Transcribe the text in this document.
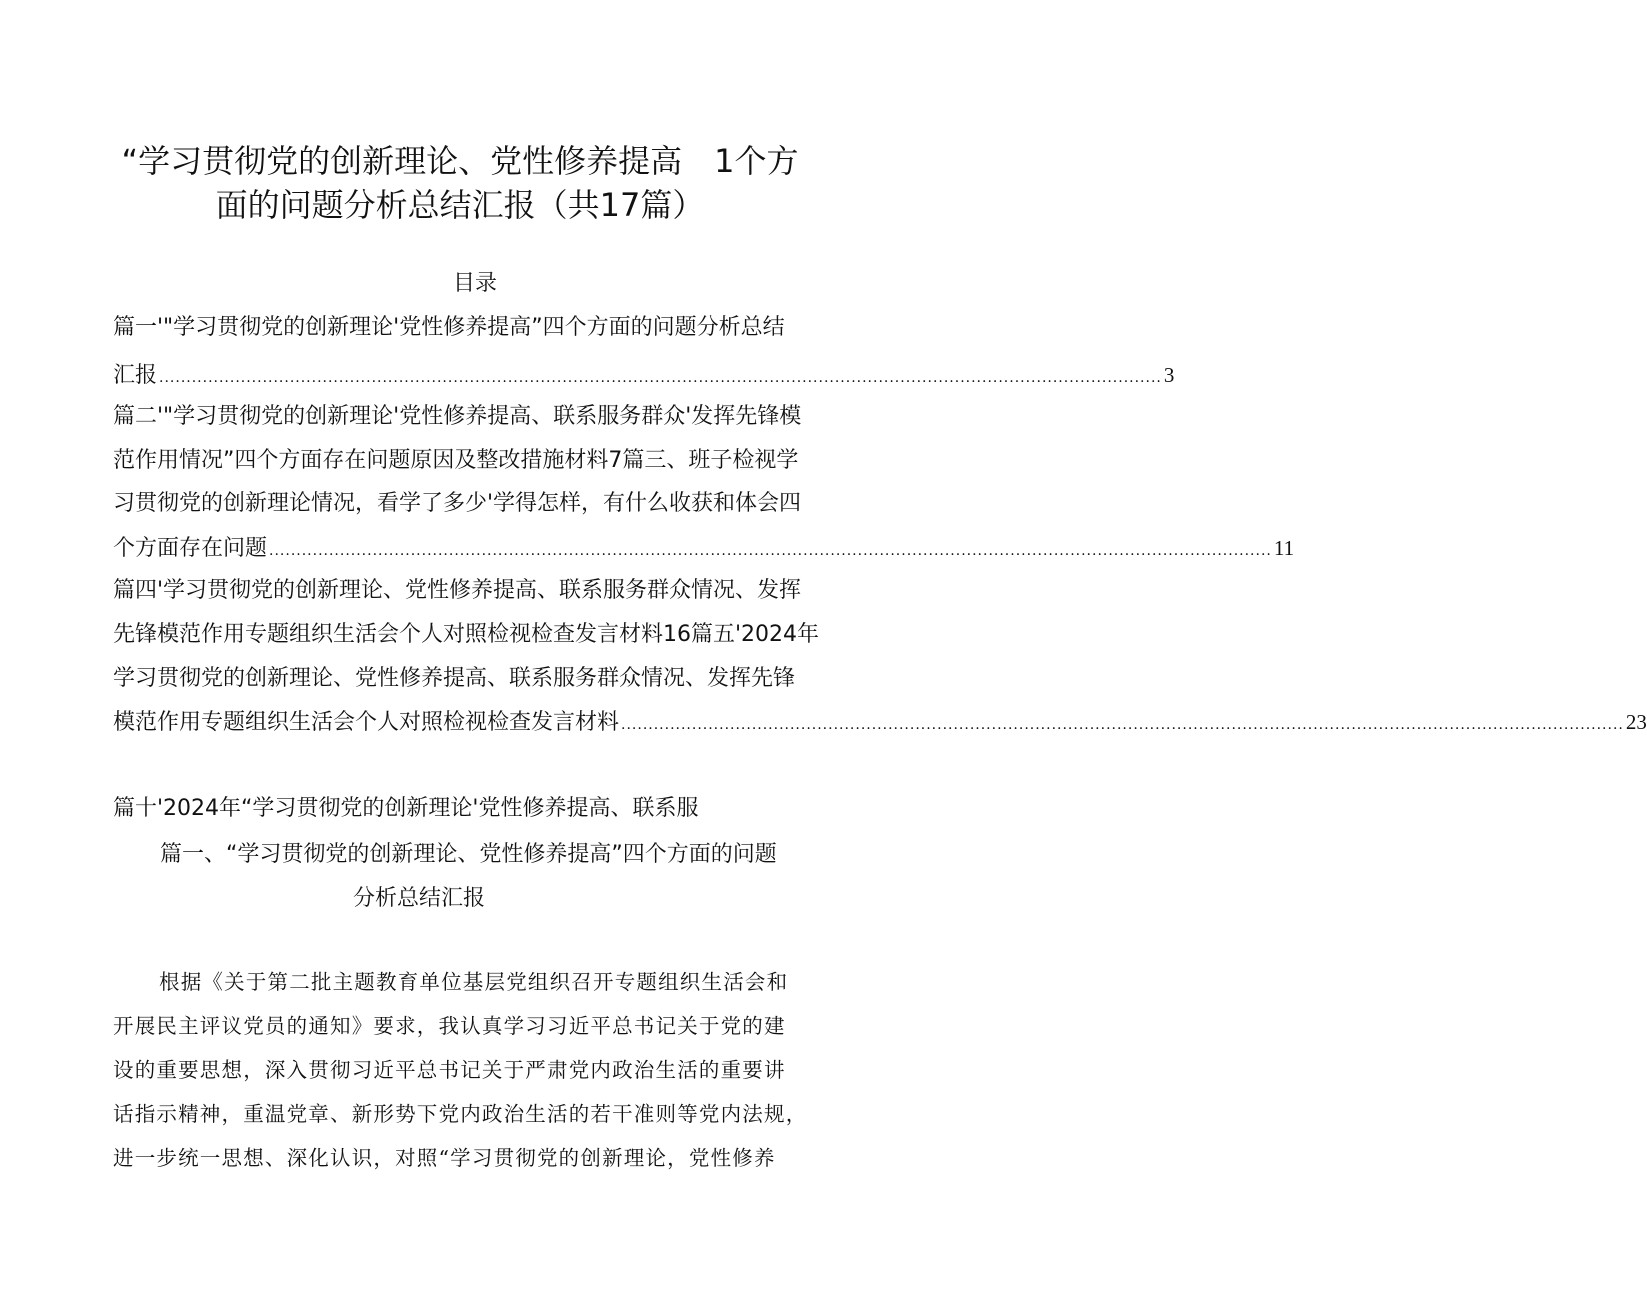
“学习贯彻党的创新理论、党性修养提高　1个方
面的问题分析总结汇报（共17篇）
目录
篇一'"学习贯彻党的创新理论'党性修养提高”四个方面的问题分析总结
汇报 ........................................................................................................................................................................................ 3
篇二'"学习贯彻党的创新理论'党性修养提高、联系服务群众'发挥先锋模
范作用情况”四个方面存在问题原因及整改措施材料7篇三、班子检视学
习贯彻党的创新理论情况，看学了多少'学得怎样，有什么收获和体会四
个方面存在问题 ........................................................................................................................................................................................ 11
篇四'学习贯彻党的创新理论、党性修养提高、联系服务群众情况、发挥
先锋模范作用专题组织生活会个人对照检视检查发言材料16篇五'2024年
学习贯彻党的创新理论、党性修养提高、联系服务群众情况、发挥先锋
模范作用专题组织生活会个人对照检视检查发言材料 ........................................................................................................................................................................................ 23
篇十'2024年“学习贯彻党的创新理论'党性修养提高、联系服
篇一、“学习贯彻党的创新理论、党性修养提高”四个方面的问题
分析总结汇报
根据《关于第二批主题教育单位基层党组织召开专题组织生活会和
开展民主评议党员的通知》要求，我认真学习习近平总书记关于党的建
设的重要思想，深入贯彻习近平总书记关于严肃党内政治生活的重要讲
话指示精神，重温党章、新形势下党内政治生活的若干准则等党内法规，
进一步统一思想、深化认识，对照“学习贯彻党的创新理论，党性修养
